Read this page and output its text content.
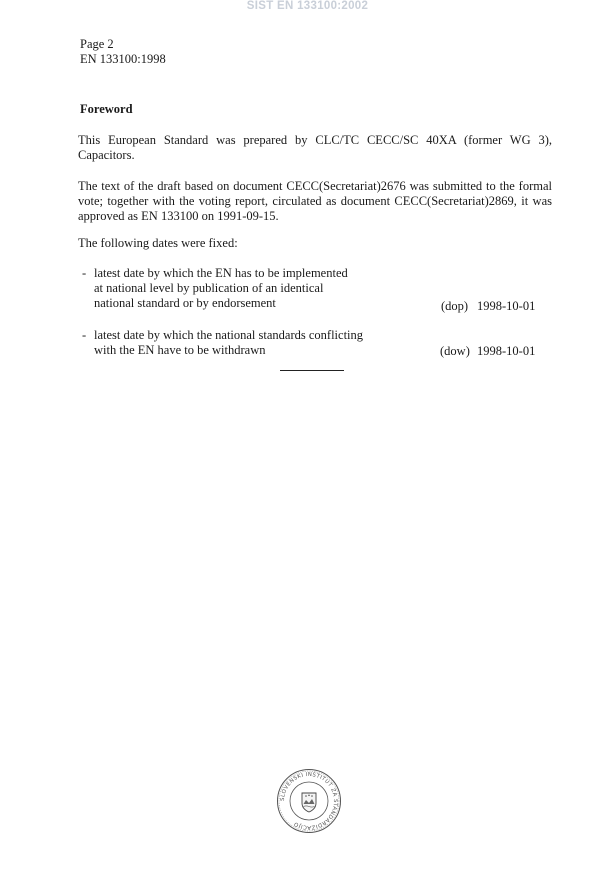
SIST EN 133100:2002
Page 2
EN 133100:1998
Foreword
This European Standard was prepared by CLC/TC CECC/SC 40XA (former WG 3),
Capacitors.
The text of the draft based on document CECC(Secretariat)2676 was submitted to the formal
vote; together with the voting report, circulated as document CECC(Secretariat)2869, it was
approved as EN 133100 on 1991-09-15.
The following dates were fixed:
- latest date by which the EN has to be implemented
at national level by publication of an identical
national standard or by endorsement	(dop) 1998-10-01
- latest date by which the national standards conflicting
with the EN have to be withdrawn	(dow) 1998-10-01
SLOVENSKI INSTITUT ZA STANDARDIZACIJO
